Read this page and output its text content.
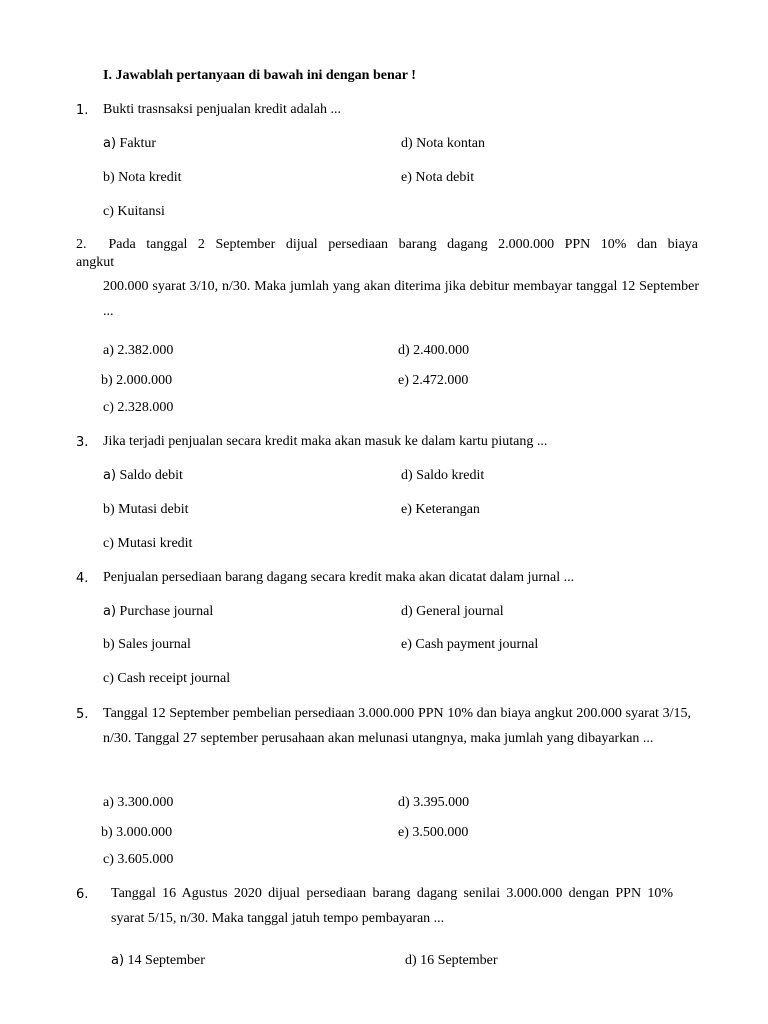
I. Jawablah pertanyaan di bawah ini dengan benar !
1. Bukti trasnsaksi penjualan kredit adalah ...
a) Faktur	d) Nota kontan
b) Nota kredit	e) Nota debit
c) Kuitansi
2. Pada tanggal 2 September dijual persediaan barang dagang 2.000.000 PPN 10% dan biaya
angkut
200.000 syarat 3/10, n/30. Maka jumlah yang akan diterima jika debitur membayar tanggal 12 September ...
a) 2.382.000	d) 2.400.000
b) 2.000.000	e) 2.472.000
c) 2.328.000
3. Jika terjadi penjualan secara kredit maka akan masuk ke dalam kartu piutang ...
a) Saldo debit	d) Saldo kredit
b) Mutasi debit	e) Keterangan
c) Mutasi kredit
4. Penjualan persediaan barang dagang secara kredit maka akan dicatat dalam jurnal ...
a) Purchase journal	d) General journal
b) Sales journal	e) Cash payment journal
c) Cash receipt journal
5. Tanggal 12 September pembelian persediaan 3.000.000 PPN 10% dan biaya angkut 200.000 syarat 3/15, n/30. Tanggal 27 september perusahaan akan melunasi utangnya, maka jumlah yang dibayarkan ...
a) 3.300.000	d) 3.395.000
b) 3.000.000	e) 3.500.000
c) 3.605.000
6. Tanggal 16 Agustus 2020 dijual persediaan barang dagang senilai 3.000.000 dengan PPN 10% syarat 5/15, n/30. Maka tanggal jatuh tempo pembayaran ...
a) 14 September	d) 16 September
